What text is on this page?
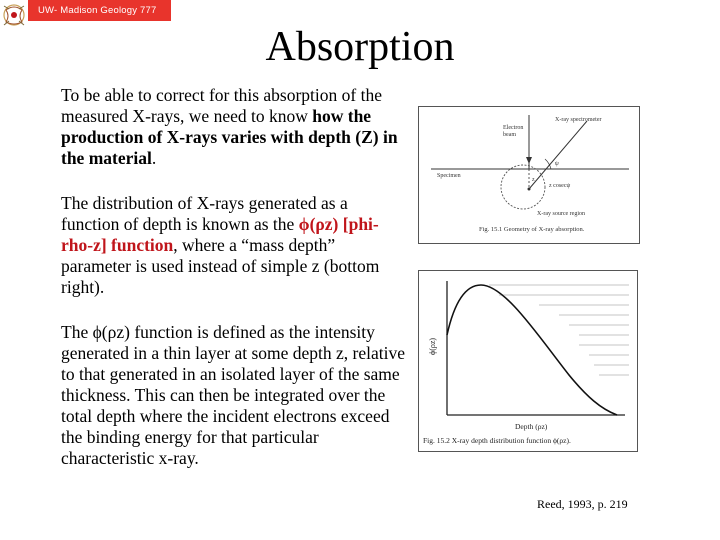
UW- Madison Geology 777
Absorption
To be able to correct for this absorption of the measured X-rays, we need to know how the production of X-rays varies with depth (Z) in the material.
The distribution of X-rays generated as a function of depth is known as the ϕ(ρz) [phi-rho-z] function, where a “mass depth” parameter is used instead of simple z (bottom right).
The ϕ(ρz) function is defined as the intensity generated in a thin layer at some depth z, relative to that generated in an isolated layer of the same thickness. This can then be integrated over the total depth where the incident electrons exceed the binding energy for that particular characteristic x-ray.
Electron
beam
X-ray spectrometer
Specimen
z cosecψ
z
ψ
X-ray source region
Fig. 15.1 Geometry of X-ray absorption.
ϕ(ρz)
Depth (ρz)
Fig. 15.2 X-ray depth distribution function ϕ(ρz).
Reed, 1993, p. 219
